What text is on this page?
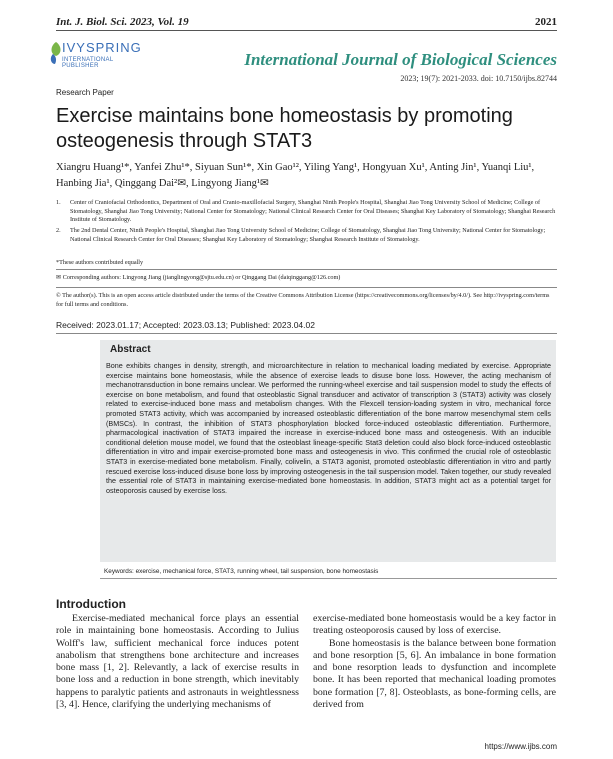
Int. J. Biol. Sci. 2023, Vol. 19	2021
IVYSPRING
INTERNATIONAL PUBLISHER	International Journal of Biological Sciences
2023; 19(7): 2021-2033. doi: 10.7150/ijbs.82744
Research Paper
Exercise maintains bone homeostasis by promoting osteogenesis through STAT3
Xiangru Huang¹*, Yanfei Zhu¹*, Siyuan Sun¹*, Xin Gao¹², Yiling Yang¹, Hongyuan Xu¹, Anting Jin¹, Yuanqi Liu¹, Hanbing Jia¹, Qinggang Dai²✉, Lingyong Jiang¹✉
1. Center of Craniofacial Orthodontics, Department of Oral and Cranio-maxillofacial Surgery, Shanghai Ninth People's Hospital, Shanghai Jiao Tong University School of Medicine; College of Stomatology, Shanghai Jiao Tong University; National Center for Stomatology; National Clinical Research Center for Oral Diseases; Shanghai Key Laboratory of Stomatology; Shanghai Research Institute of Stomatology.
2. The 2nd Dental Center, Ninth People's Hospital, Shanghai Jiao Tong University School of Medicine; College of Stomatology, Shanghai Jiao Tong University; National Center for Stomatology; National Clinical Research Center for Oral Diseases; Shanghai Key Laboratory of Stomatology; Shanghai Research Institute of Stomatology.
*These authors contributed equally
✉ Corresponding authors: Lingyong Jiang (jianglingyong@sjtu.edu.cn) or Qinggang Dai (daiqinggang@126.com)
© The author(s). This is an open access article distributed under the terms of the Creative Commons Attribution License (https://creativecommons.org/licenses/by/4.0/). See http://ivyspring.com/terms for full terms and conditions.
Received: 2023.01.17; Accepted: 2023.03.13; Published: 2023.04.02
Abstract
Bone exhibits changes in density, strength, and microarchitecture in relation to mechanical loading mediated by exercise. Appropriate exercise maintains bone homeostasis, while the absence of exercise leads to disuse bone loss. However, the acting mechanism of mechanotransduction in bone remains unclear. We performed the running-wheel exercise and tail suspension model to study the effects of exercise on bone metabolism, and found that osteoblastic Signal transducer and activator of transcription 3 (STAT3) activity was closely related to exercise-induced bone mass and metabolism changes. With the Flexcell tension-loading system in vitro, mechanical force promoted STAT3 activity, which was accompanied by increased osteoblastic differentiation of the bone marrow mesenchymal stem cells (BMSCs). In contrast, the inhibition of STAT3 phosphorylation blocked force-induced osteoblastic differentiation. Furthermore, pharmacological inactivation of STAT3 impaired the increase in exercise-induced bone mass and osteogenesis. With an inducible conditional deletion mouse model, we found that the osteoblast lineage-specific Stat3 deletion could also block force-induced osteoblastic differentiation in vitro and impair exercise-promoted bone mass and osteogenesis in vivo. This confirmed the crucial role of osteoblastic STAT3 in exercise-mediated bone metabolism. Finally, colivelin, a STAT3 agonist, promoted osteoblastic differentiation in vitro and partly rescued exercise loss-induced disuse bone loss by improving osteogenesis in the tail suspension model. Taken together, our study revealed the essential role of STAT3 in maintaining exercise-mediated bone homeostasis. In addition, STAT3 might act as a potential target for osteoporosis caused by exercise loss.
Keywords: exercise, mechanical force, STAT3, running wheel, tail suspension, bone homeostasis
Introduction

Exercise-mediated mechanical force plays an essential role in maintaining bone homeostasis. According to Julius Wolff's law, sufficient mechanical force induces potent anabolism that strengthens bone architecture and increases bone mass [1, 2]. Relevantly, a lack of exercise results in bone loss and a reduction in bone strength, which inevitably happens to paralytic patients and astronauts in weightlessness [3, 4]. Hence, clarifying the underlying mechanisms of

exercise-mediated bone homeostasis would be a key factor in treating osteoporosis caused by loss of exercise.

Bone homeostasis is the balance between bone formation and bone resorption [5, 6]. An imbalance in bone formation and bone resorption leads to dysfunction and incomplete bone. It has been reported that mechanical loading promotes bone formation [7, 8]. Osteoblasts, as bone-forming cells, are derived from

https://www.ijbs.com
